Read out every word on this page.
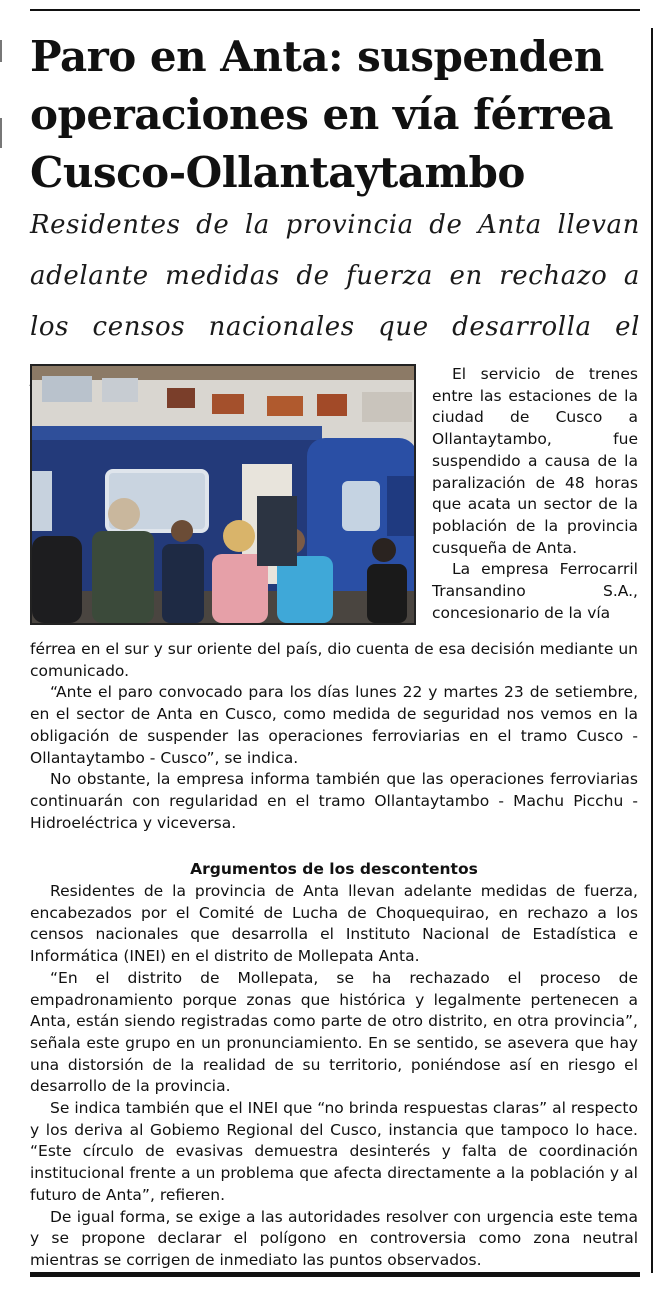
Paro en Anta: suspenden operaciones en vía férrea Cusco-Ollantaytambo

Residentes de la provincia de Anta llevan adelante medidas de fuerza en rechazo a los censos nacionales que desarrolla el

El servicio de trenes entre las estaciones de la ciudad de Cusco a Ollantaytambo, fue suspendido a causa de la paralización de 48 horas que acata un sector de la población de la provincia cusqueña de Anta.

La empresa Ferrocarril Transandino S.A., concesionario de la vía

férrea en el sur y sur oriente del país, dio cuenta de esa decisión mediante un comunicado.

“Ante el paro convocado para los días lunes 22 y martes 23 de setiembre, en el sector de Anta en Cusco, como medida de seguridad nos vemos en la obligación de suspender las operaciones ferroviarias en el tramo Cusco - Ollantaytambo - Cusco”, se indica.

No obstante, la empresa informa también que las operaciones ferroviarias continuarán con regularidad en el tramo Ollantaytambo - Machu Picchu - Hidroeléctrica y viceversa.

Argumentos de los descontentos

Residentes de la provincia de Anta llevan adelante medidas de fuerza, encabezados por el Comité de Lucha de Choquequirao, en rechazo a los censos nacionales que desarrolla el Instituto Nacional de Estadística e Informática (INEI) en el distrito de Mollepata Anta.

“En el distrito de Mollepata, se ha rechazado el proceso de empadronamiento porque zonas que histórica y legalmente pertenecen a Anta, están siendo registradas como parte de otro distrito, en otra provincia”, señala este grupo en un pronunciamiento. En se sentido, se asevera que hay una distorsión de la realidad de su territorio, poniéndose así en riesgo el desarrollo de la provincia.

Se indica también que el INEI que “no brinda respuestas claras” al respecto y los deriva al Gobiemo Regional del Cusco, instancia que tampoco lo hace. “Este círculo de evasivas demuestra desinterés y falta de coordinación institucional frente a un problema que afecta directamente a la población y al futuro de Anta”, refieren.

De igual forma, se exige a las autoridades resolver con urgencia este tema y se propone declarar el polígono en controversia como zona neutral mientras se corrigen de inmediato las puntos observados.
